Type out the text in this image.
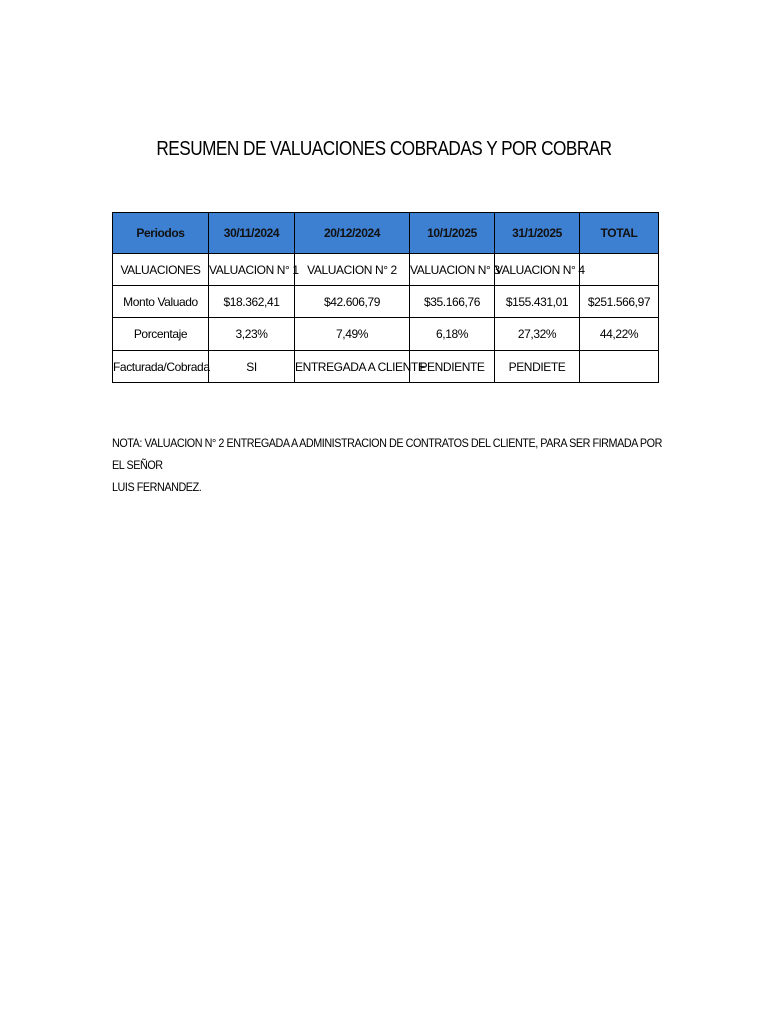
RESUMEN DE VALUACIONES COBRADAS Y POR COBRAR
Periodos	30/11/2024	20/12/2024	10/1/2025	31/1/2025	TOTAL
VALUACIONES	VALUACION N° 1	VALUACION N° 2	VALUACION N° 3	VALUACION N° 4	
Monto Valuado	$18.362,41	$42.606,79	$35.166,76	$155.431,01	$251.566,97
Porcentaje	3,23%	7,49%	6,18%	27,32%	44,22%
Facturada/Cobrada	SI	ENTREGADA A CLIENTE	PENDIENTE	PENDIETE	
NOTA: VALUACION N° 2 ENTREGADA A ADMINISTRACION DE CONTRATOS DEL CLIENTE, PARA SER FIRMADA POR EL SEÑOR
LUIS FERNANDEZ.
